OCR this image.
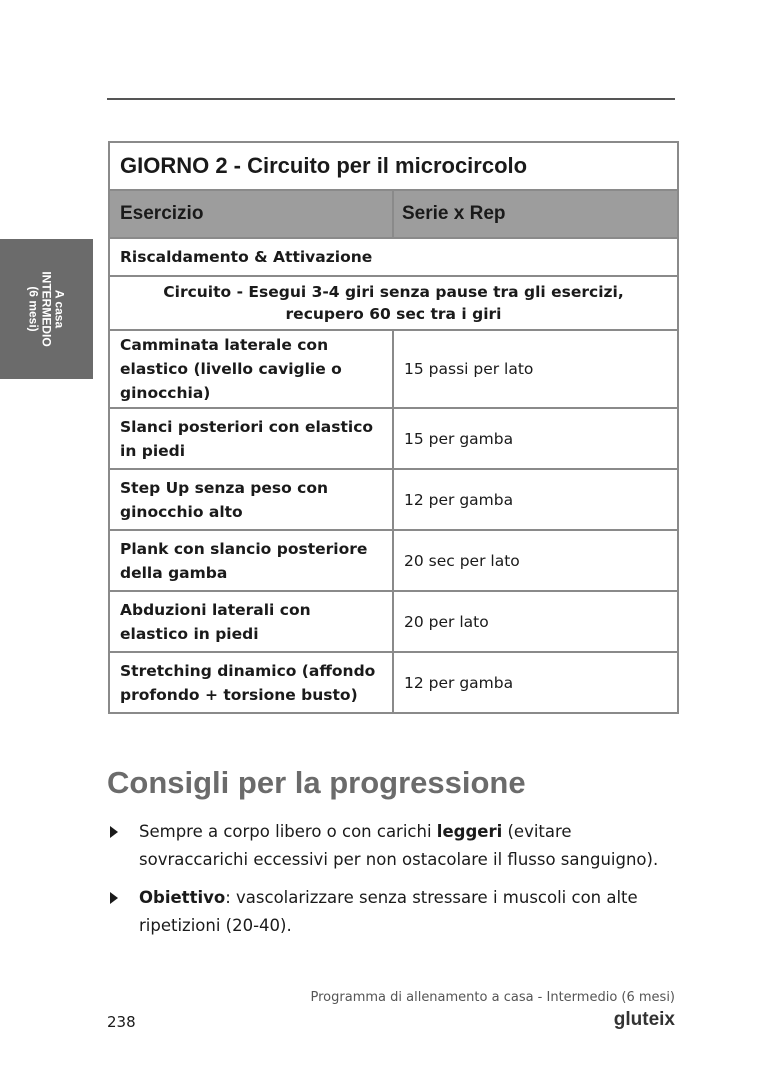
A casa
INTERMEDIO
(6 mesi)
GIORNO 2 - Circuito per il microcircolo	
Esercizio	Serie x Rep
Riscaldamento & Attivazione	

Circuito - Esegui 3-4 giri senza pause tra gli esercizi,
recupero 60 sec tra i giri	

Camminata laterale con elastico (livello caviglie o ginocchia)	15 passi per lato
Slanci posteriori con elastico in piedi	15 per gamba
Step Up senza peso con ginocchio alto	12 per gamba
Plank con slancio posteriore della gamba	20 sec per lato
Abduzioni laterali con elastico in piedi	20 per lato
Stretching dinamico (affondo profondo + torsione busto)	12 per gamba
Consigli per la progressione
Sempre a corpo libero o con carichi leggeri (evitare sovraccarichi eccessivi per non ostacolare il flusso sanguigno).
Obiettivo: vascolarizzare senza stressare i muscoli con alte ripetizioni (20-40).
Programma di allenamento a casa - Intermedio (6 mesi)
238	gluteix
